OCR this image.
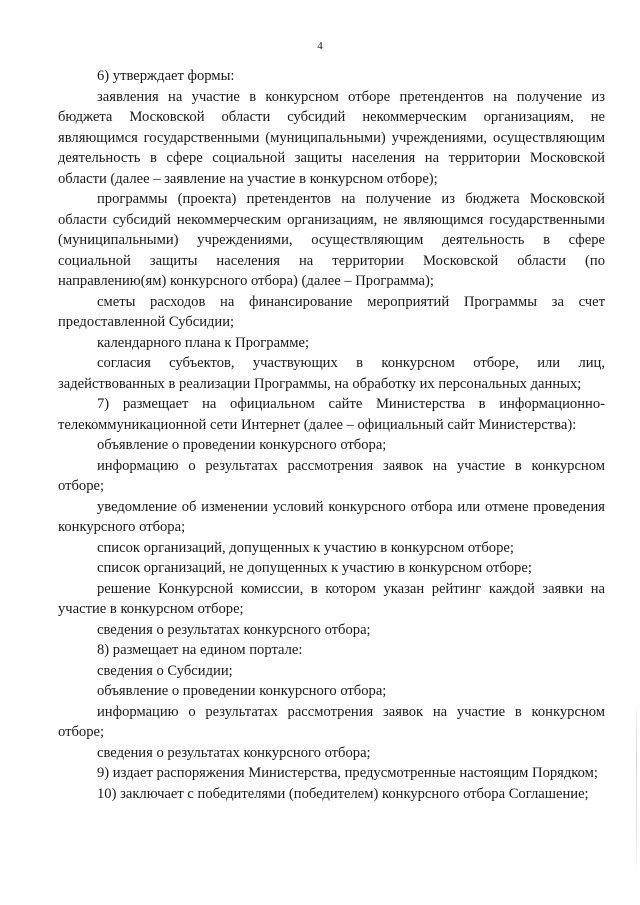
4

6) утверждает формы:

заявления на участие в конкурсном отборе претендентов на получение из бюджета Московской области субсидий некоммерческим организациям, не являющимся государственными (муниципальными) учреждениями, осуществляющим деятельность в сфере социальной защиты населения на территории Московской области (далее – заявление на участие в конкурсном отборе);

программы (проекта) претендентов на получение из бюджета Московской области субсидий некоммерческим организациям, не являющимся государственными (муниципальными) учреждениями, осуществляющим деятельность в сфере социальной защиты населения на территории Московской области (по направлению(ям) конкурсного отбора) (далее – Программа);

сметы расходов на финансирование мероприятий Программы за счет предоставленной Субсидии;

календарного плана к Программе;

согласия субъектов, участвующих в конкурсном отборе, или лиц, задействованных в реализации Программы, на обработку их персональных данных;

7) размещает на официальном сайте Министерства в информационно-телекоммуникационной сети Интернет (далее – официальный сайт Министерства):

объявление о проведении конкурсного отбора;

информацию о результатах рассмотрения заявок на участие в конкурсном отборе;

уведомление об изменении условий конкурсного отбора или отмене проведения конкурсного отбора;

список организаций, допущенных к участию в конкурсном отборе;

список организаций, не допущенных к участию в конкурсном отборе;

решение Конкурсной комиссии, в котором указан рейтинг каждой заявки на участие в конкурсном отборе;

сведения о результатах конкурсного отбора;

8) размещает на едином портале:

сведения о Субсидии;

объявление о проведении конкурсного отбора;

информацию о результатах рассмотрения заявок на участие в конкурсном отборе;

сведения о результатах конкурсного отбора;

9) издает распоряжения Министерства, предусмотренные настоящим Порядком;

10) заключает с победителями (победителем) конкурсного отбора Соглашение;
